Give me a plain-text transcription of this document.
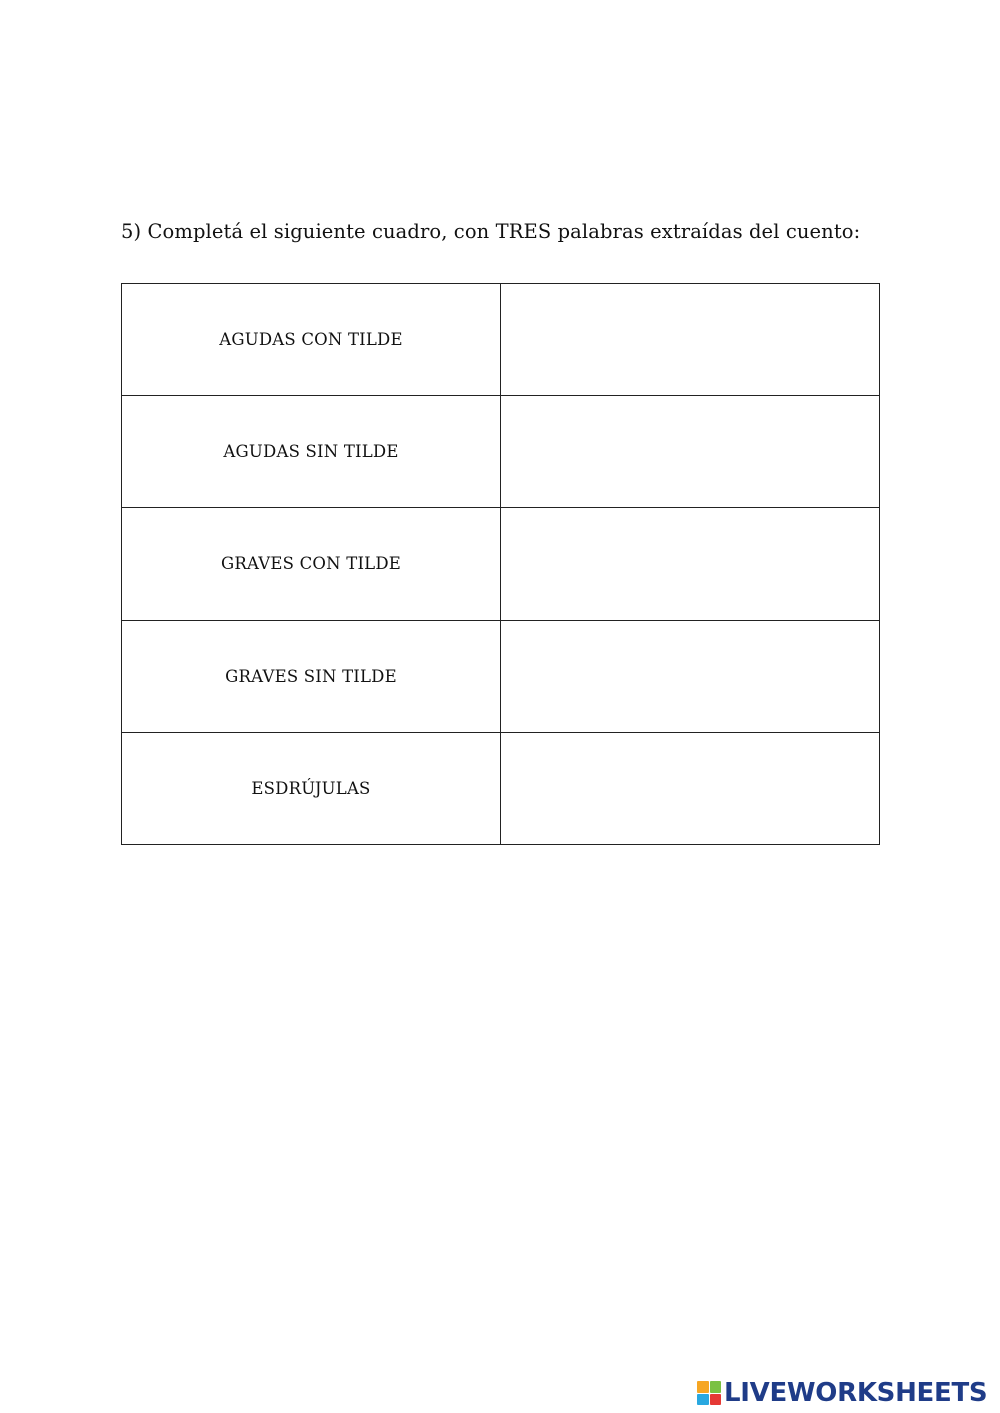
5) Completá el siguiente cuadro, con TRES palabras extraídas del cuento:
AGUDAS CON TILDE	

AGUDAS SIN TILDE	

GRAVES CON TILDE	

GRAVES SIN TILDE	

ESDRÚJULAS	
LIVEWORKSHEETS
